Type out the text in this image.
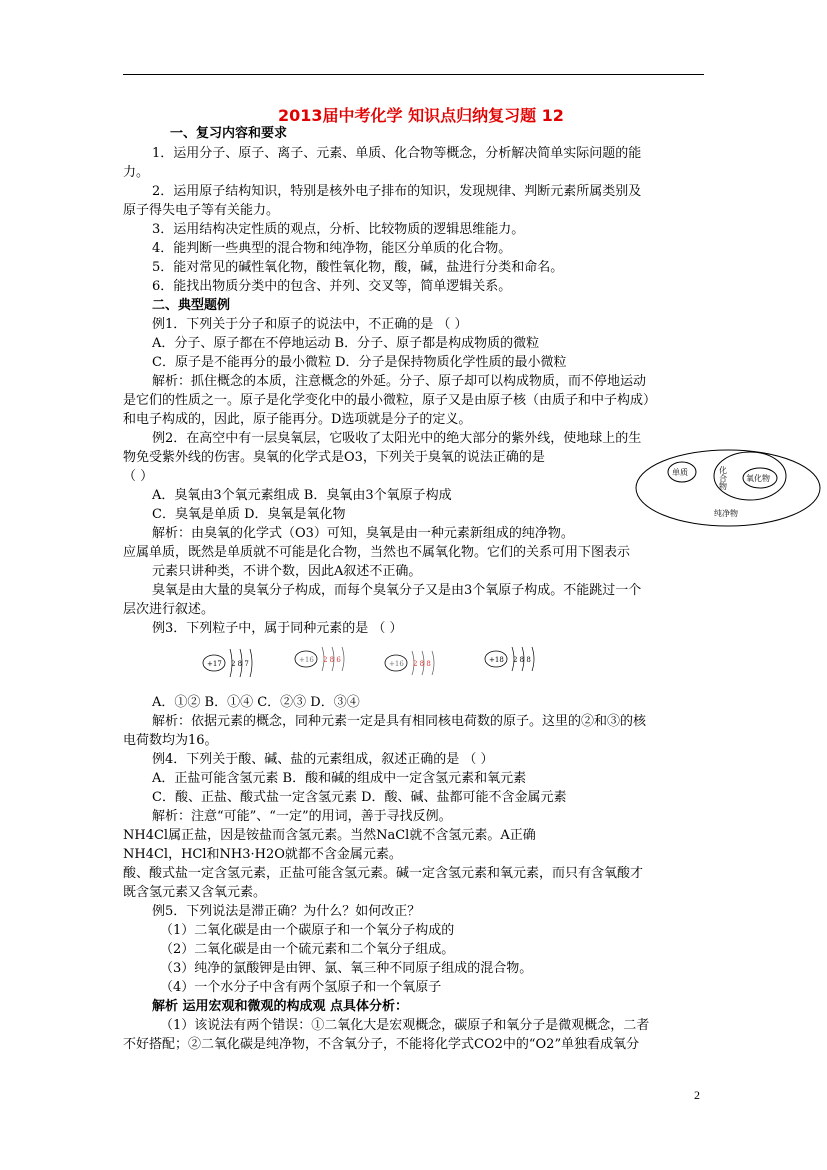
2013届中考化学 知识点归纳复习题 12
一、复习内容和要求
1．运用分子、原子、离子、元素、单质、化合物等概念，分析解决简单实际问题的能
力。
2．运用原子结构知识，特别是核外电子排布的知识，发现规律、判断元素所属类别及
原子得失电子等有关能力。
3．运用结构决定性质的观点，分析、比较物质的逻辑思维能力。
4．能判断一些典型的混合物和纯净物，能区分单质的化合物。
5．能对常见的碱性氧化物，酸性氧化物，酸，碱，盐进行分类和命名。
6．能找出物质分类中的包含、并列、交叉等，简单逻辑关系。
二、典型题例
例1．下列关于分子和原子的说法中，不正确的是 （ ）
A．分子、原子都在不停地运动 B．分子、原子都是构成物质的微粒
C．原子是不能再分的最小微粒 D．分子是保持物质化学性质的最小微粒
解析：抓住概念的本质，注意概念的外延。分子、原子却可以构成物质，而不停地运动
是它们的性质之一。原子是化学变化中的最小微粒，原子又是由原子核（由质子和中子构成）
和电子构成的，因此，原子能再分。D选项就是分子的定义。
例2．在高空中有一层臭氧层，它吸收了太阳光中的绝大部分的紫外线，使地球上的生
物免受紫外线的伤害。臭氧的化学式是O3，下列关于臭氧的说法正确的是
（ ）
A．臭氧由3个氧元素组成 B．臭氧由3个氧原子构成
C．臭氧是单质 D．臭氧是氧化物
解析：由臭氧的化学式（O3）可知，臭氧是由一种元素新组成的纯净物。
应属单质，既然是单质就不可能是化合物，当然也不属氧化物。它们的关系可用下图表示
元素只讲种类，不讲个数，因此A叙述不正确。
臭氧是由大量的臭氧分子构成，而每个臭氧分子又是由3个氧原子构成。不能跳过一个
层次进行叙述。
例3．下列粒子中，属于同种元素的是 （ ）
A．①② B．①④ C．②③ D．③④
解析：依据元素的概念，同种元素一定是具有相同核电荷数的原子。这里的②和③的核
电荷数均为16。
例4．下列关于酸、碱、盐的元素组成，叙述正确的是 （ ）
A．正盐可能含氢元素 B．酸和碱的组成中一定含氢元素和氧元素
C．酸、正盐、酸式盐一定含氢元素 D．酸、碱、盐都可能不含金属元素
解析：注意“可能”、“一定”的用词，善于寻找反例。
NH4Cl属正盐，因是铵盐而含氢元素。当然NaCl就不含氢元素。A正确
NH4Cl，HCl和NH3·H2O就都不含金属元素。
酸、酸式盐一定含氢元素，正盐可能含氢元素。碱一定含氢元素和氧元素，而只有含氧酸才
既含氢元素又含氧元素。
例5．下列说法是滞正确？为什么？如何改正？
（1）二氧化碳是由一个碳原子和一个氧分子构成的
（2）二氧化碳是由一个硫元素和二个氧分子组成。
（3）纯净的氯酸钾是由钾、氯、氧三种不同原子组成的混合物。
（4）一个水分子中含有两个氢原子和一个氧原子
解析 运用宏观和微观的构成观 点具体分析：
（1）该说法有两个错误：①二氧化大是宏观概念，碳原子和氧分子是微观概念，二者
不好搭配；②二氧化碳是纯净物，不含氧分子，不能将化学式CO2中的“O2”单独看成氧分
单质	化合物 氧化物
纯净物
+17 2 8 7	+16 2 8 6	+16 2 8 8	+18 2 8 8
2
